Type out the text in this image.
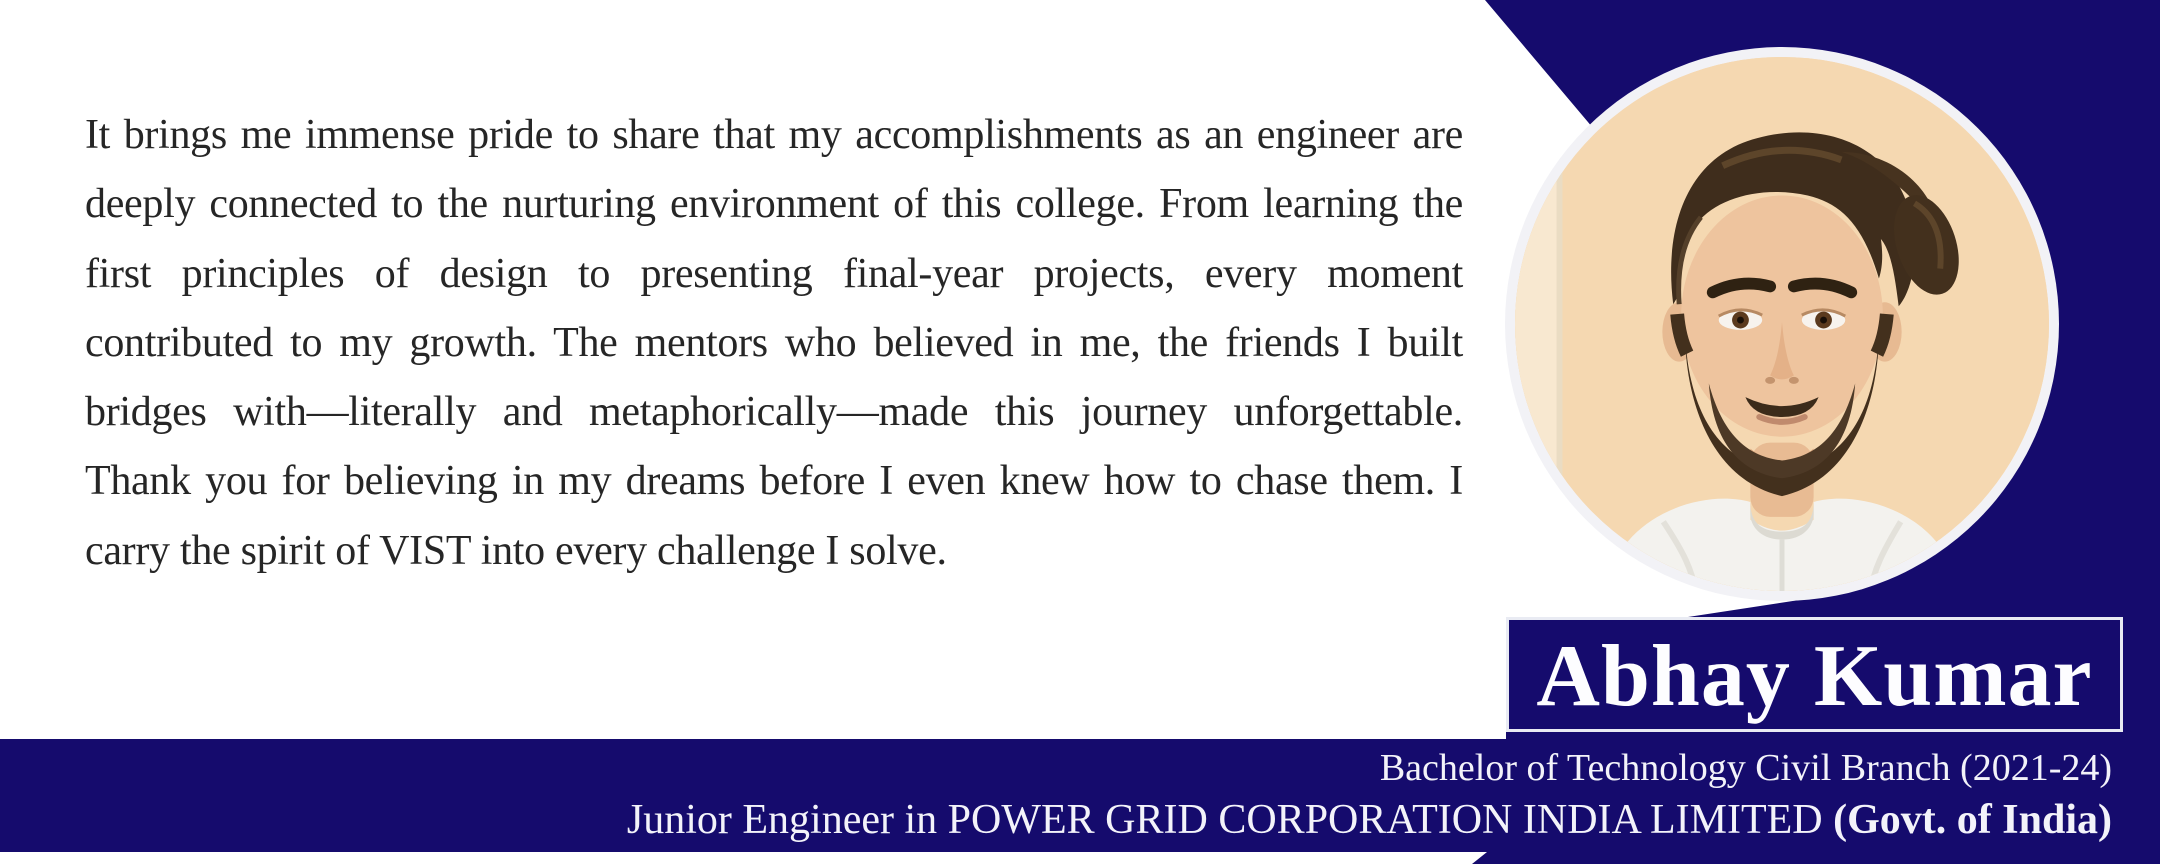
Bachelor of Technology Civil Branch (2021-24)
Junior Engineer in POWER GRID CORPORATION INDIA LIMITED (Govt. of India)
Abhay Kumar
It brings me immense pride to share that my accomplishments as an engineer are deeply connected to the nurturing environment of this college. From learning the first principles of design to presenting final-year projects, every moment contributed to my growth. The mentors who believed in me, the friends I built bridges with—literally and metaphorically—made this journey unforgettable. Thank you for believing in my dreams before I even knew how to chase them. I carry the spirit of VIST into every challenge I solve.
